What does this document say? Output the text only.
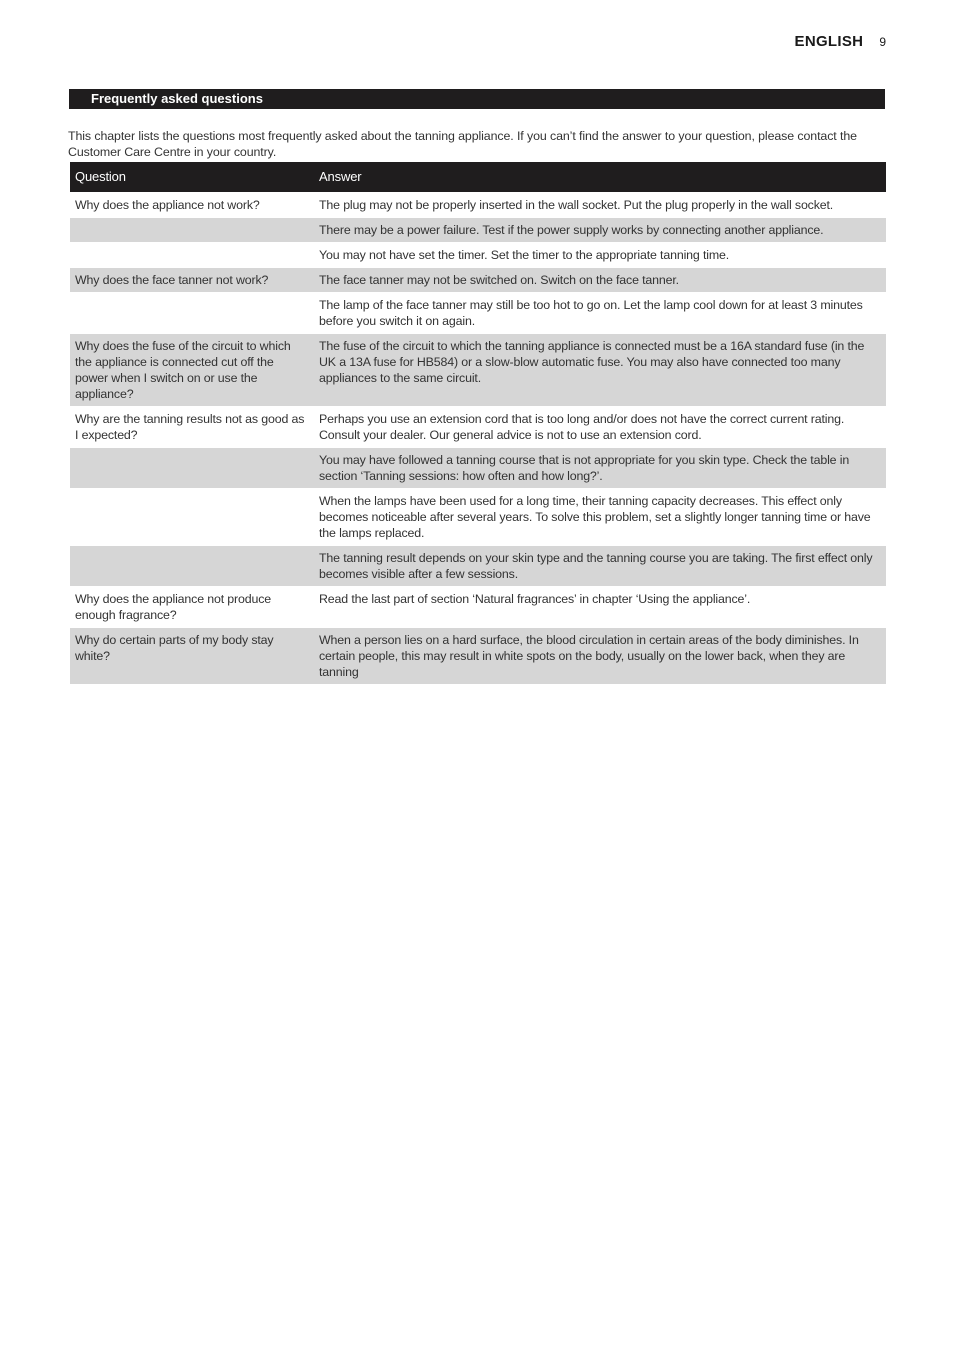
ENGLISH 9
Frequently asked questions

This chapter lists the questions most frequently asked about the tanning appliance. If you can’t find the answer to your question, please contact the Customer Care Centre in your country.

Question	Answer
Why does the appliance not work?	The plug may not be properly inserted in the wall socket. Put the plug properly in the wall socket.
	There may be a power failure. Test if the power supply works by connecting another appliance.
	You may not have set the timer. Set the timer to the appropriate tanning time.
Why does the face tanner not work?	The face tanner may not be switched on. Switch on the face tanner.
	The lamp of the face tanner may still be too hot to go on. Let the lamp cool down for at least 3 minutes before you switch it on again.
Why does the fuse of the circuit to which the appliance is connected cut off the power when I switch on or use the appliance?	The fuse of the circuit to which the tanning appliance is connected must be a 16A standard fuse (in the UK a 13A fuse for HB584) or a slow-blow automatic fuse. You may also have connected too many appliances to the same circuit.
Why are the tanning results not as good as I expected?	Perhaps you use an extension cord that is too long and/or does not have the correct current rating. Consult your dealer. Our general advice is not to use an extension cord.
	You may have followed a tanning course that is not appropriate for you skin type. Check the table in section ‘Tanning sessions: how often and how long?’.
	When the lamps have been used for a long time, their tanning capacity decreases. This effect only becomes noticeable after several years. To solve this problem, set a slightly longer tanning time or have the lamps replaced.
	The tanning result depends on your skin type and the tanning course you are taking. The first effect only becomes visible after a few sessions.
Why does the appliance not produce enough fragrance?	Read the last part of section ‘Natural fragrances’ in chapter ‘Using the appliance’.
Why do certain parts of my body stay white?	When a person lies on a hard surface, the blood circulation in certain areas of the body diminishes. In certain people, this may result in white spots on the body, usually on the lower back, when they are tanning
